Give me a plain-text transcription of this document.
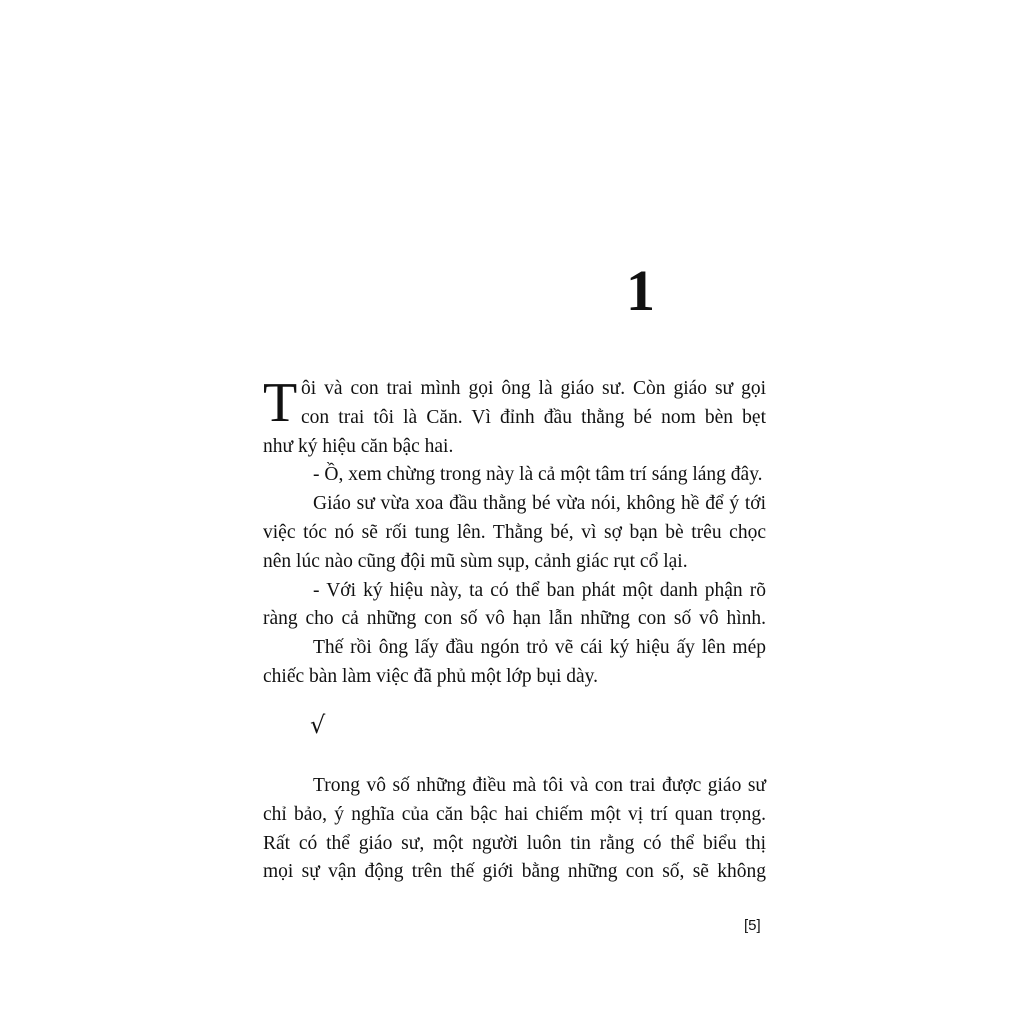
1
T ôi và con trai mình gọi ông là giáo sư. Còn giáo sư gọi
con trai tôi là Căn. Vì đỉnh đầu thằng bé nom bèn bẹt
như ký hiệu căn bậc hai.
- Ồ, xem chừng trong này là cả một tâm trí sáng láng đây.
Giáo sư vừa xoa đầu thằng bé vừa nói, không hề để ý tới
việc tóc nó sẽ rối tung lên. Thằng bé, vì sợ bạn bè trêu chọc
nên lúc nào cũng đội mũ sùm sụp, cảnh giác rụt cổ lại.
- Với ký hiệu này, ta có thể ban phát một danh phận rõ
ràng cho cả những con số vô hạn lẫn những con số vô hình.
Thế rồi ông lấy đầu ngón trỏ vẽ cái ký hiệu ấy lên mép
chiếc bàn làm việc đã phủ một lớp bụi dày.
√
Trong vô số những điều mà tôi và con trai được giáo sư
chỉ bảo, ý nghĩa của căn bậc hai chiếm một vị trí quan trọng.
Rất có thể giáo sư, một người luôn tin rằng có thể biểu thị
mọi sự vận động trên thế giới bằng những con số, sẽ không
[5]
